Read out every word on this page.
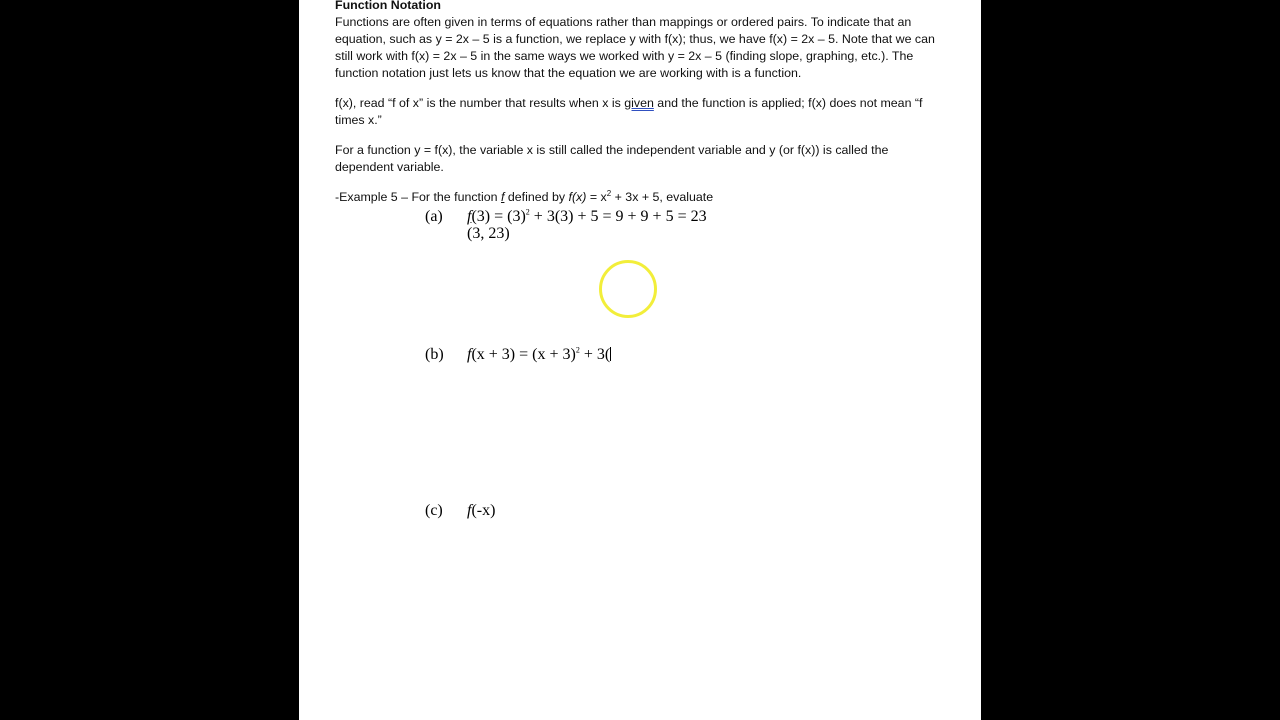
Function Notation

Functions are often given in terms of equations rather than mappings or ordered pairs. To indicate that an equation, such as y = 2x – 5 is a function, we replace y with f(x); thus, we have f(x) = 2x – 5. Note that we can still work with f(x) = 2x – 5 in the same ways we worked with y = 2x – 5 (finding slope, graphing, etc.). The function notation just lets us know that the equation we are working with is a function.

f(x), read “f of x” is the number that results when x is given and the function is applied; f(x) does not mean “f times x.”

For a function y = f(x), the variable x is still called the independent variable and y (or f(x)) is called the dependent variable.

-Example 5 – For the function f defined by $f(x) = x^2 + 3x + 5$, evaluate

(a)	$f(3) = (3)^2 + 3(3) + 5 = 9 + 9 + 5 = 23$
(3, 23)
(b)	$f(x + 3) = (x + 3)^2 + 3$(
(c)	f(-x)
